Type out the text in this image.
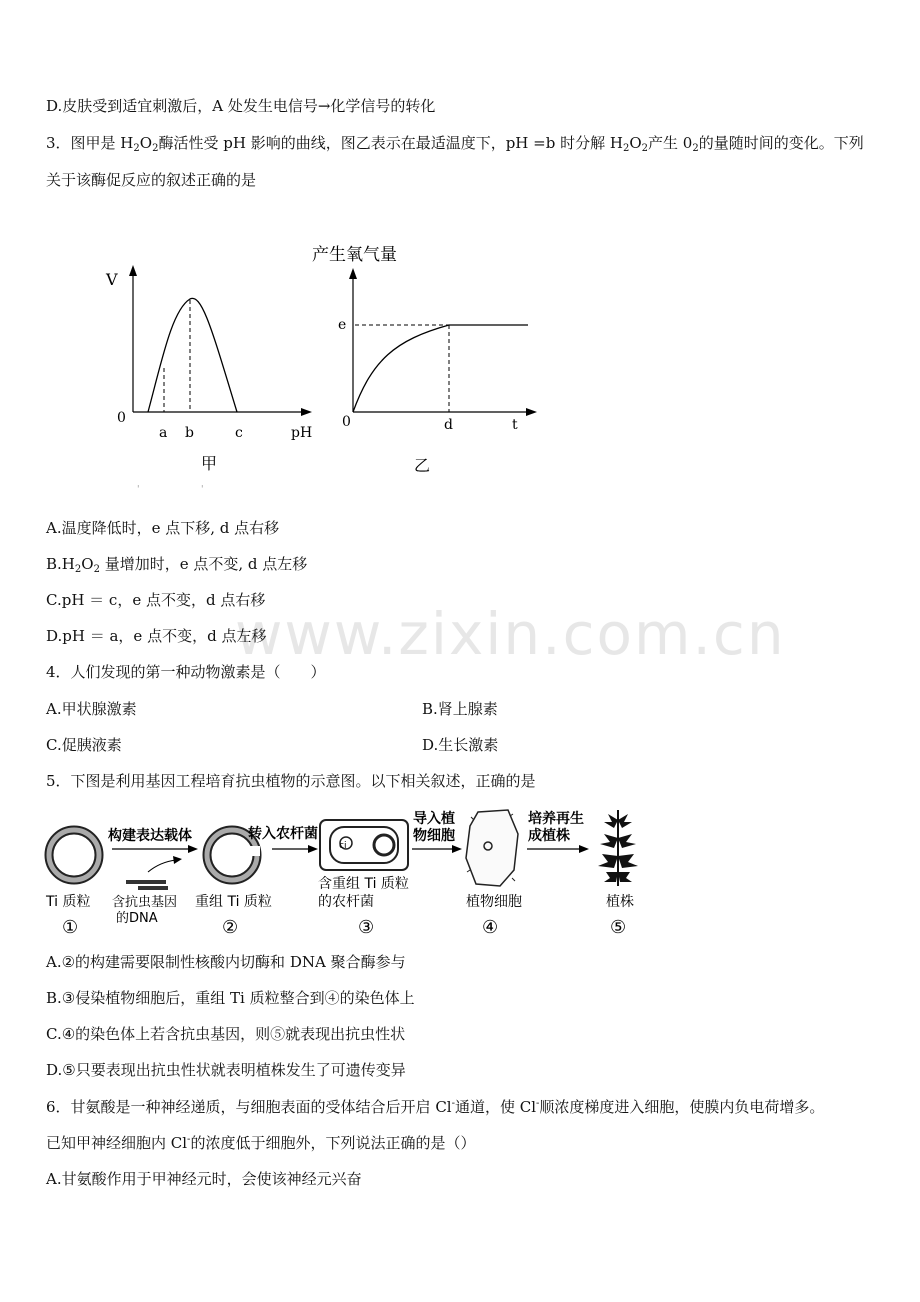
www.zixin.com.cn
D.皮肤受到适宜刺激后，A 处发生电信号→化学信号的转化
3．图甲是 $H_2O_2$酶活性受 pH 影响的曲线，图乙表示在最适温度下，pH =b 时分解 $H_2O_2$产生 $0_2$的量随时间的变化。下列
关于该酶促反应的叙述正确的是
V
0
a b	c	pH
甲
'	'
产生氧气量
e
0	d	t
乙
A.温度降低时，e 点下移, d 点右移
$B.H_2O_2$ 量增加时，e 点不变, d 点左移
C.pH ＝ c，e 点不变，d 点右移
D.pH ＝ a，e 点不变，d 点左移
4．人们发现的第一种动物激素是（　　）
A.甲状腺激素	B.肾上腺素
C.促胰液素	D.生长激素
5．下图是利用基因工程培育抗虫植物的示意图。以下相关叙述，正确的是
Ti 质粒
①
构建表达载体
含抗虫基因
的DNA
重组 Ti 质粒
②
转入农杆菌
ci
含重组 Ti 质粒
的农杆菌
③
导入植
物细胞
植物细胞
④
培养再生
成植株
植株
⑤
A.②的构建需要限制性核酸内切酶和 DNA 聚合酶参与
B.③侵染植物细胞后，重组 Ti 质粒整合到④的染色体上
C.④的染色体上若含抗虫基因，则⑤就表现出抗虫性状
D.⑤只要表现出抗虫性状就表明植株发生了可遗传变异
6．甘氨酸是一种神经递质，与细胞表面的受体结合后开启 Cl-通道，使 Cl-顺浓度梯度进入细胞，使膜内负电荷增多。
已知甲神经细胞内 Cl-的浓度低于细胞外，下列说法正确的是（）
A.甘氨酸作用于甲神经元时，会使该神经元兴奋
